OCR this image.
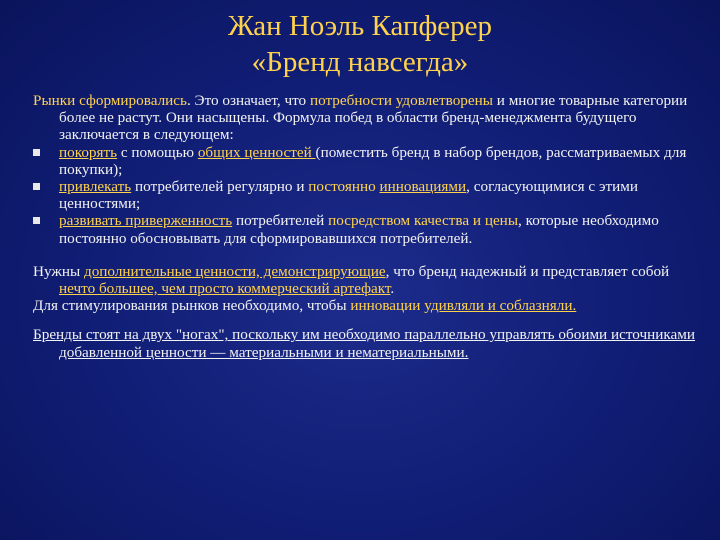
Жан Ноэль Капферер
«Бренд навсегда»

Рынки сформировались. Это означает, что потребности удовлетворены и многие товарные категории более не растут. Они насыщены. Формула побед в области бренд-менеджмента будущего заключается в следующем:

покорять с помощью общих ценностей (поместить бренд в набор брендов, рассматриваемых для покупки);
привлекать потребителей регулярно и постоянно инновациями, согласующимися с этими ценностями;
развивать приверженность потребителей посредством качества и цены, которые необходимо постоянно обосновывать для сформировавшихся потребителей.

Нужны дополнительные ценности, демонстрирующие, что бренд надежный и представляет собой нечто большее, чем просто коммерческий артефакт.

Для стимулирования рынков необходимо, чтобы инновации удивляли и соблазняли.

Бренды стоят на двух "ногах", поскольку им необходимо параллельно управлять обоими источниками добавленной ценности — материальными и нематериальными.
